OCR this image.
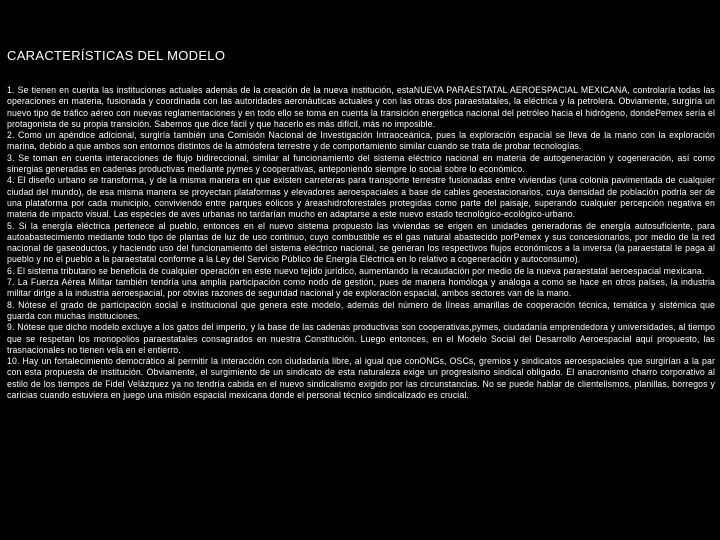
CARACTERÍSTICAS DEL MODELO

1. Se tienen en cuenta las instituciones actuales además de la creación de la nueva institución, estaNUEVA PARAESTATAL AEROESPACIAL MEXICANA, controlaría todas las operaciones en materia, fusionada y coordinada con las autoridades aeronáuticas actuales y con las otras dos paraestatales, la eléctrica y la petrolera. Obviamente, surgiría un nuevo tipo de tráfico aéreo con nuevas reglamentaciones y en todo ello se toma en cuenta la transición energética nacional del petróleo hacia el hidrógeno, dondePemex sería el protagonista de su propia transición. Sabemos que dice fácil y que hacerlo es más difícil, más no imposible.

2. Como un apéndice adicional, surgiría también una Comisión Nacional de Investigación Intraoceánica, pues la exploración espacial se lleva de la mano con la exploración marina, debido a que ambos son entornos distintos de la atmósfera terrestre y de comportamiento similar cuando se trata de probar tecnologías.

3. Se toman en cuenta interacciones de flujo bidireccional, similar al funcionamiento del sistema eléctrico nacional en materia de autogeneración y cogeneración, así como sinergias generadas en cadenas productivas mediante pymes y cooperativas, anteponiendo siempre lo social sobre lo económico.

4. El diseño urbano se transforma, y de la misma manera en que existen carreteras para transporte terrestre fusionadas entre viviendas (una colonia pavimentada de cualquier ciudad del mundo), de esa misma manera se proyectan plataformas y elevadores aeroespaciales a base de cables geoestacionarios, cuya densidad de población podría ser de una plataforma por cada municipio, conviviendo entre parques eólicos y áreashidroforestales protegidas como parte del paisaje, superando cualquier percepción negativa en materia de impacto visual. Las especies de aves urbanas no tardarían mucho en adaptarse a este nuevo estado tecnológico-ecológico-urbano.

5. Si la energía eléctrica pertenece al pueblo, entonces en el nuevo sistema propuesto las viviendas se erigen en unidades generadoras de energía autosuficiente, para autoabastecimiento mediante todo tipo de plantas de luz de uso continuo, cuyo combustible es el gas natural abastecido porPemex y sus concesionarios, por medio de la red nacional de gaseoductos, y haciendo uso del funcionamiento del sistema eléctrico nacional, se generan los respectivos flujos económicos a la inversa (la paraestatal le paga al pueblo y no el pueblo a la paraestatal conforme a la Ley del Servicio Público de Energía Eléctrica en lo relativo a cogeneración y autoconsumo).

6. El sistema tributario se beneficia de cualquier operación en este nuevo tejido jurídico, aumentando la recaudación por medio de la nueva paraestatal aeroespacial mexicana.

7. La Fuerza Aérea Militar también tendría una amplia participación como nodo de gestión, pues de manera homóloga y análoga a como se hace en otros países, la industria militar dirige a la industria aeroespacial, por obvias razones de seguridad nacional y de exploración espacial, ambos sectores van de la mano.

8. Nótese el grado de participación social e institucional que genera este modelo, además del número de líneas amarillas de cooperación técnica, temática y sistémica que guarda con muchas instituciones.

9. Nótese que dicho modelo excluye a los gatos del imperio, y la base de las cadenas productivas son cooperativas,pymes, ciudadanía emprendedora y universidades, al tiempo que se respetan los monopolios paraestatales consagrados en nuestra Constitución. Luego entonces, en el Modelo Social del Desarrollo Aeroespacial aquí propuesto, las trasnacionales no tienen vela en el entierro.

10. Hay un fortalecimiento democrático al permitir la interacción con ciudadanía libre, al igual que conONGs, OSCs, gremios y sindicatos aeroespaciales que surgirían a la par con esta propuesta de institución. Obviamente, el surgimiento de un sindicato de esta naturaleza exige un progresismo sindical obligado. El anacronismo charro corporativo al estilo de los tiempos de Fidel Velázquez ya no tendría cabida en el nuevo sindicalismo exigido por las circunstancias. No se puede hablar de clientelismos, planillas, borregos y caricias cuando estuviera en juego una misión espacial mexicana donde el personal técnico sindicalizado es crucial.
